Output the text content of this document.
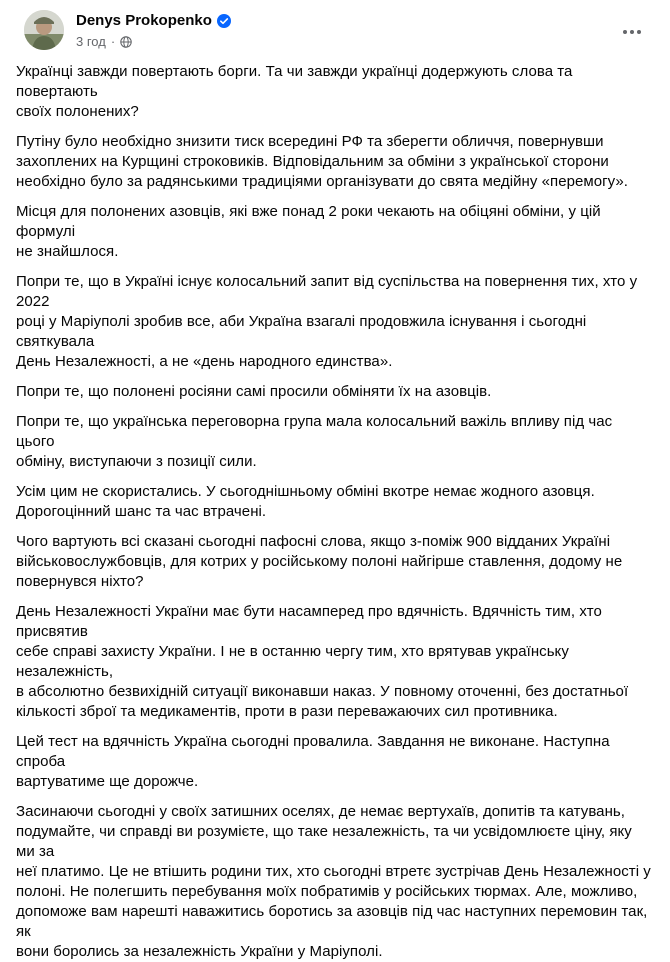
Denys Prokopenko
3 год ·

Українці завжди повертають борги. Та чи завжди українці додержують слова та повертають
своїх полонених?

Путіну було необхідно знизити тиск всередині РФ та зберегти обличчя, повернувши
захоплених на Курщині строковиків. Відповідальним за обміни з української сторони
необхідно було за радянськими традиціями організувати до свята медійну «перемогу».

Місця для полонених азовців, які вже понад 2 роки чекають на обіцяні обміни, у цій формулі
не знайшлося.

Попри те, що в Україні існує колосальний запит від суспільства на повернення тих, хто у 2022
році у Маріуполі зробив все, аби Україна взагалі продовжила існування і сьогодні святкувала
День Незалежності, а не «день народного единства».

Попри те, що полонені росіяни самі просили обміняти їх на азовців.

Попри те, що українська переговорна група мала колосальний важіль впливу під час цього
обміну, виступаючи з позиції сили.

Усім цим не скористались. У сьогоднішньому обміні вкотре немає жодного азовця.
Дорогоцінний шанс та час втрачені.

Чого вартують всі сказані сьогодні пафосні слова, якщо з-поміж 900 відданих Україні
військовослужбовців, для котрих у російському полоні найгірше ставлення, додому не
повернувся ніхто?

День Незалежності України має бути насамперед про вдячність. Вдячність тим, хто присвятив
себе справі захисту України. І не в останню чергу тим, хто врятував українську незалежність,
в абсолютно безвихідній ситуації виконавши наказ. У повному оточенні, без достатньої
кількості зброї та медикаментів, проти в рази переважаючих сил противника.

Цей тест на вдячність Україна сьогодні провалила. Завдання не виконане. Наступна спроба
вартуватиме ще дорожче.

Засинаючи сьогодні у своїх затишних оселях, де немає вертухаїв, допитів та катувань,
подумайте, чи справді ви розумієте, що таке незалежність, та чи усвідомлюєте ціну, яку ми за
неї платимо. Це не втішить родини тих, хто сьогодні втретє зустрічав День Незалежності у
полоні. Не полегшить перебування моїх побратимів у російських тюрмах. Але, можливо,
допоможе вам нарешті наважитись боротись за азовців під час наступних перемовин так, як
вони боролись за незалежність України у Маріуполі.
